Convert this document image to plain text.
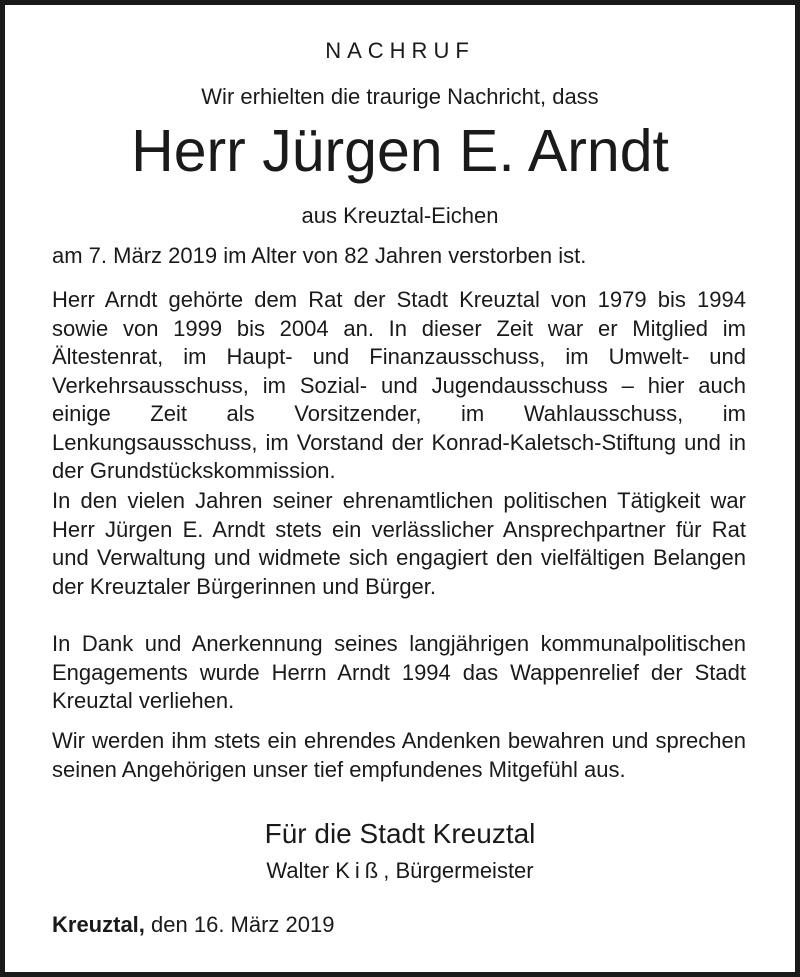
NACHRUF
Wir erhielten die traurige Nachricht, dass
Herr Jürgen E. Arndt
aus Kreuztal-Eichen
am 7. März 2019 im Alter von 82 Jahren verstorben ist.

Herr Arndt gehörte dem Rat der Stadt Kreuztal von 1979 bis 1994 sowie von 1999 bis 2004 an. In dieser Zeit war er Mitglied im Ältestenrat, im Haupt- und Finanzausschuss, im Umwelt- und Verkehrsausschuss, im Sozial- und Jugendausschuss – hier auch einige Zeit als Vorsitzender, im Wahlausschuss, im Lenkungsausschuss, im Vorstand der Konrad-Kaletsch-Stiftung und in der Grundstückskommission.

In den vielen Jahren seiner ehrenamtlichen politischen Tätigkeit war Herr Jürgen E. Arndt stets ein verlässlicher Ansprechpartner für Rat und Verwaltung und widmete sich engagiert den vielfältigen Belangen der Kreuztaler Bürgerinnen und Bürger.

In Dank und Anerkennung seines langjährigen kommunalpolitischen Engagements wurde Herrn Arndt 1994 das Wappenrelief der Stadt Kreuztal verliehen.

Wir werden ihm stets ein ehrendes Andenken bewahren und sprechen seinen Angehörigen unser tief empfundenes Mitgefühl aus.

Für die Stadt Kreuztal
Walter Kiß, Bürgermeister
Kreuztal, den 16. März 2019
